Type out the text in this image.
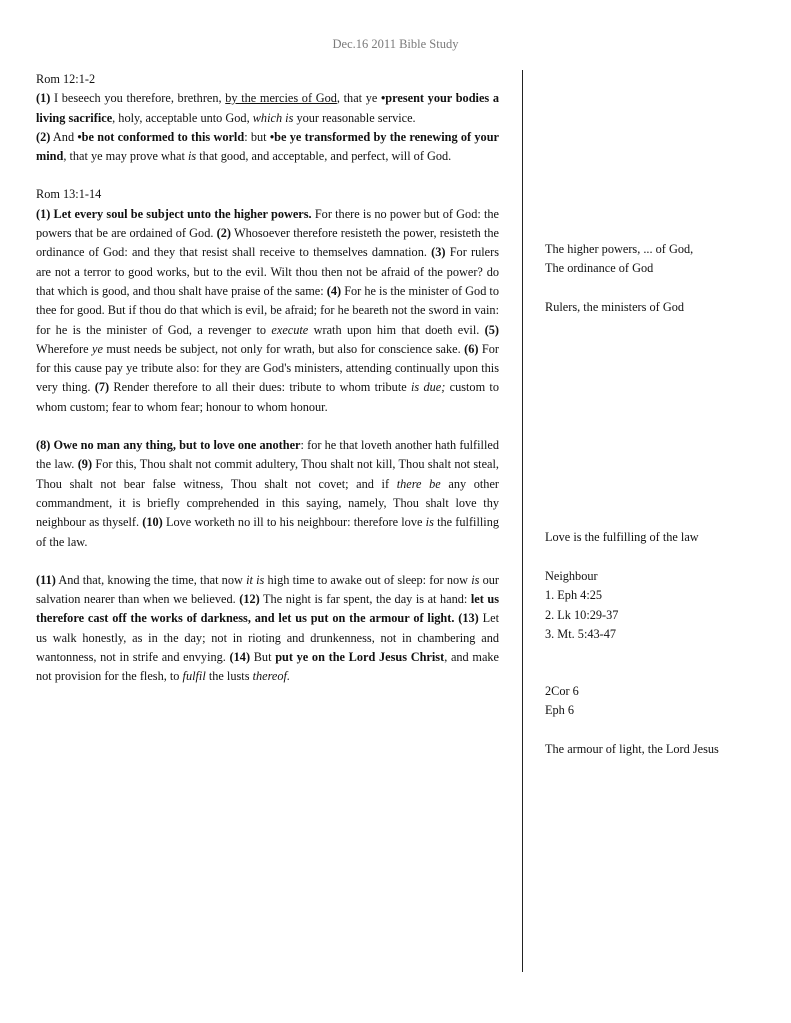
Dec.16 2011 Bible Study

Rom 12:1-2

(1) I beseech you therefore, brethren, by the mercies of God, that ye •present your bodies a living sacrifice, holy, acceptable unto God, which is your reasonable service.

(2) And •be not conformed to this world: but •be ye transformed by the renewing of your mind, that ye may prove what is that good, and acceptable, and perfect, will of God.

Rom 13:1-14

(1) Let every soul be subject unto the higher powers. For there is no power but of God: the powers that be are ordained of God. (2) Whosoever therefore resisteth the power, resisteth the ordinance of God: and they that resist shall receive to themselves damnation. (3) For rulers are not a terror to good works, but to the evil. Wilt thou then not be afraid of the power? do that which is good, and thou shalt have praise of the same: (4) For he is the minister of God to thee for good. But if thou do that which is evil, be afraid; for he beareth not the sword in vain: for he is the minister of God, a revenger to execute wrath upon him that doeth evil. (5) Wherefore ye must needs be subject, not only for wrath, but also for conscience sake. (6) For for this cause pay ye tribute also: for they are God's ministers, attending continually upon this very thing. (7) Render therefore to all their dues: tribute to whom tribute is due; custom to whom custom; fear to whom fear; honour to whom honour.

(8) Owe no man any thing, but to love one another: for he that loveth another hath fulfilled the law. (9) For this, Thou shalt not commit adultery, Thou shalt not kill, Thou shalt not steal, Thou shalt not bear false witness, Thou shalt not covet; and if there be any other commandment, it is briefly comprehended in this saying, namely, Thou shalt love thy neighbour as thyself. (10) Love worketh no ill to his neighbour: therefore love is the fulfilling of the law.

(11) And that, knowing the time, that now it is high time to awake out of sleep: for now is our salvation nearer than when we believed. (12) The night is far spent, the day is at hand: let us therefore cast off the works of darkness, and let us put on the armour of light. (13) Let us walk honestly, as in the day; not in rioting and drunkenness, not in chambering and wantonness, not in strife and envying. (14) But put ye on the Lord Jesus Christ, and make not provision for the flesh, to fulfil the lusts thereof.

The higher powers, ... of God,

The ordinance of God

Rulers, the ministers of God

Love is the fulfilling of the law

Neighbour

1. Eph 4:25

2. Lk 10:29-37

3. Mt. 5:43-47

2Cor 6

Eph 6

The armour of light, the Lord Jesus
